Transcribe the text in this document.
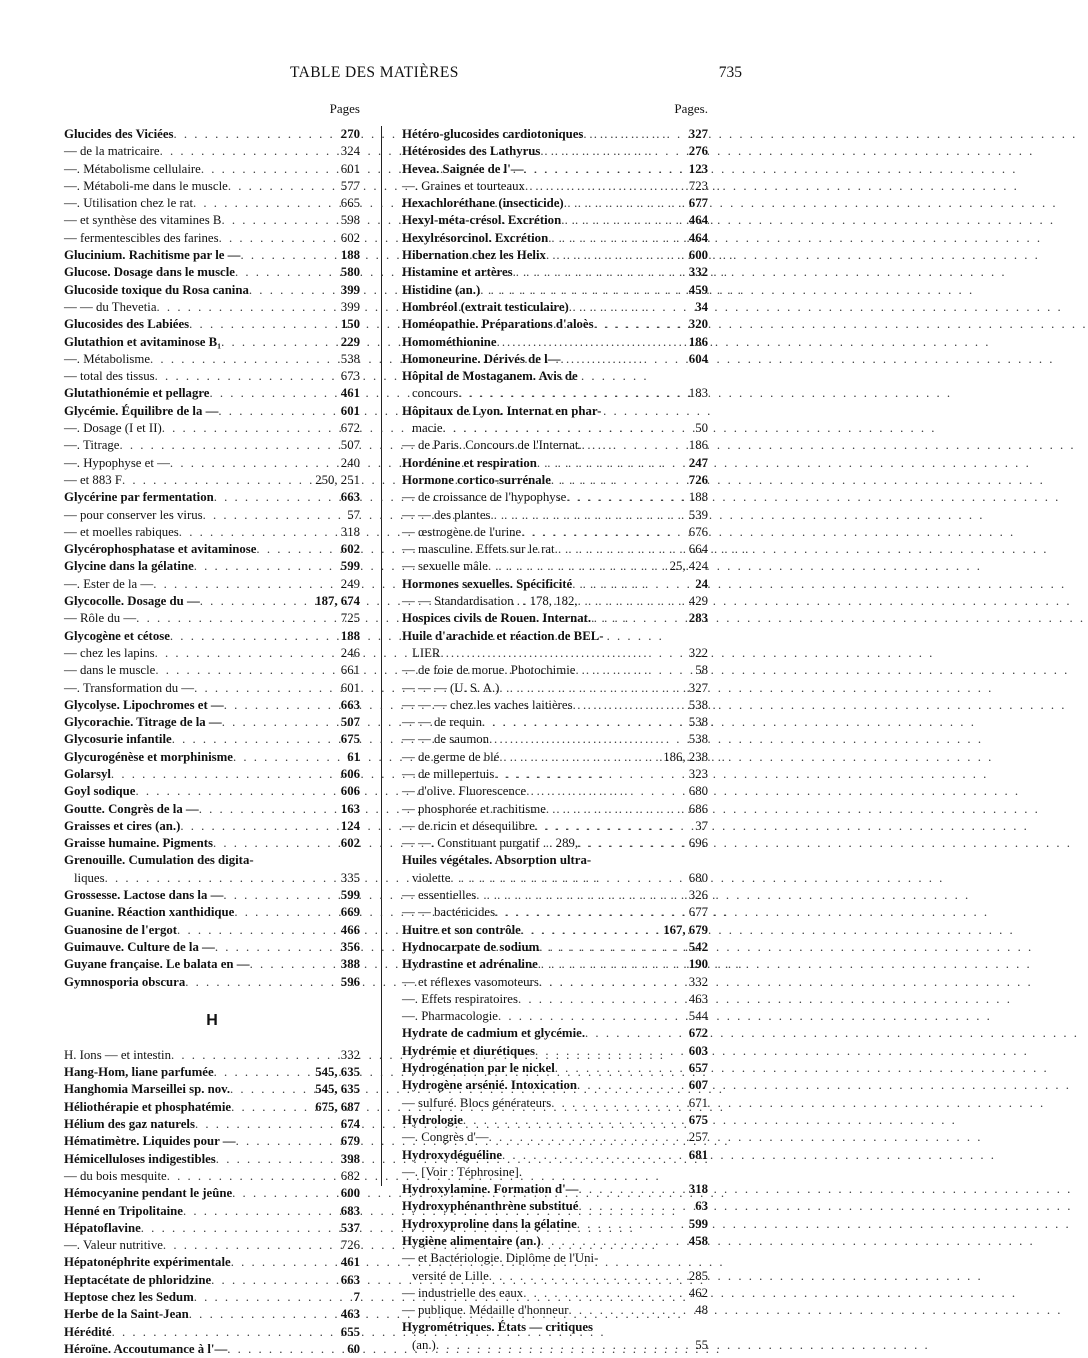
TABLE DES MATIÈRES	735
Pages
Glucides des Viciées . . .	270
— de la matricaire . . .	324
—. Métabolisme cellulaire . . .	601
—. Métaboli-me dans le muscle . . .	577
—. Utilisation chez le rat . . .	665
— et synthèse des vitamines B . . .	598
— fermentescibles des farines . . .	602
Glucinium. Rachitisme par le — . . .	188
Glucose. Dosage dans le muscle . . .	580
Glucoside toxique du Rosa canina . . .	399
— — du Thevetia . . .	399
Glucosides des Labiées . . .	150
Glutathion et avitaminose B₁ . . .	229
—. Métabolisme . . .	538
— total des tissus . . .	673
Glutathionémie et pellagre . . .	461
Glycémie. Équilibre de la — . . .	601
—. Dosage (I et II) . . .	672
—. Titrage . . .	507
—. Hypophyse et — . . .	240
— et 883 F . . .	250, 251
Glycérine par fermentation . . .	663
— pour conserver les virus . . .	57
— et moelles rabiques . . .	318
Glycérophosphatase et avitaminose . . .	602
Glycine dans la gélatine . . .	599
—. Ester de la — . . .	249
Glycocolle. Dosage du — . . .	187, 674
— Rôle du — . . .	725
Glycogène et cétose . . .	188
— chez les lapins . . .	246
— dans le muscle . . .	661
—. Transformation du — . . .	601
Glycolyse. Lipochromes et — . . .	663
Glycorachie. Titrage de la — . . .	507
Glycosurie infantile . . .	675
Glycurogénèse et morphinisme . . .	61
Golarsyl . . .	606
Goyl sodique . . .	606
Goutte. Congrès de la — . . .	163
Graisses et cires (an.) . . .	124
Graisse humaine. Pigments . . .	602
Grenouille. Cumulation des digita-
liques . . .	335
Grossesse. Lactose dans la — . . .	599
Guanine. Réaction xanthidique . . .	669
Guanosine de l'ergot . . .	466
Guimauve. Culture de la — . . .	356
Guyane française. Le balata en — . . .	388
Gymnosporia obscura . . .	596
H
H. Ions — et intestin . . .	332
Hang-Hom, liane parfumée . . .	545, 635
Hanghomia Marseillei sp. nov. . . .	545, 635
Héliothérapie et phosphatémie . . .	675, 687
Hélium des gaz naturels . . .	674
Hématimètre. Liquides pour — . . .	679
Hémicelluloses indigestibles . . .	398
— du bois mesquite . . .	682
Hémocyanine pendant le jeûne . . .	600
Henné en Tripolitaine . . .	683
Hépatoflavine . . .	537
—. Valeur nutritive . . .	726
Hépatonéphrite expérimentale . . .	461
Heptacétate de phloridzine . . .	663
Heptose chez les Sedum . . .	7
Herbe de la Saint-Jean . . .	463
Hérédité . . .	655
Héroïne. Accoutumance à l'— . . .	60
Pages.
Hétéro-glucosides cardiotoniques . . .	327
Hétérosides des Lathyrus . . .	276
Hevea. Saignée de l'— . . .	123
—. Graines et tourteaux . . .	723
Hexachloréthane (insecticide) . . .	677
Hexyl-méta-crésol. Excrétion . . .	464
Hexylrésorcinol. Excrétion . . .	464
Hibernation chez les Helix . . .	600
Histamine et artères . . .	332
Histidine (an.) . . .	459
Hombréol (extrait testiculaire) . . .	34
Homéopathie. Préparations d'aloès . . .	320
Homométhionine . . .	186
Homoneurine. Dérivés de l— . . .	604
Hôpital de Mostaganem. Avis de
concours . . .	183
Hôpitaux de Lyon. Internat en phar-
macie . . .	50
— de Paris. Concours de l'Internat. . . .	186
Hordénine et respiration . . .	247
Hormone cortico-surrénale . . .	726
— de croissance de l'hypophyse . . .	188
— — des plantes . . .	539
— œstrogène de l'urine . . .	676
— masculine. Effets sur le rat . . .	664
— sexuelle mâle . . .	25, 424
Hormones sexuelles. Spécificité . . .	24
— — Standardisation . . 178, 182, . . .	429
Hospices civils de Rouen. Internat. . . .	283
Huile d'arachide et réaction de BEL-
LIER . . .	322
— de foie de morue. Photochimie . . .	58
— — — (U. S. A.) . . .	327
— — — chez les vaches laitières . . .	538
— — de requin . . .	538
— — de saumon . . .	538
— de germe de blé . . .	186, 238
— de millepertuis . . .	323
— d'olive. Fluorescence . . .	680
— phosphorée et rachitisme . . .	686
— de ricin et désequilibre . . .	37
— —. Constituant purgatif . . 289, . . .	696
Huiles végétales. Absorption ultra-
violette . . .	680
— essentielles . . .	326
— — bactéricides . . .	677
Huitre et son contrôle . . .	167, 679
Hydnocarpate de sodium . . .	542
Hydrastine et adrénaline . . .	190
— et réflexes vasomoteurs . . .	332
—. Effets respiratoires . . .	463
—. Pharmacologie . . .	544
Hydrate de cadmium et glycémie. . . .	672
Hydrémie et diurétiques . . .	603
Hydrogénation par le nickel . . .	657
Hydrogène arsénié. Intoxication . . .	607
— sulfuré. Blocs générateurs . . .	671
Hydrologie . . .	675
—. Congrès d'— . . .	257
Hydroxydéguéline . . .	681
—. [Voir : Téphrosine].
Hydroxylamine. Formation d'— . . .	318
Hydroxyphénanthrène substitué . . .	63
Hydroxyproline dans la gélatine . . .	599
Hygiène alimentaire (an.) . . .	458
— et Bactériologie. Diplôme de l'Uni-
versité de Lille . . .	285
— industrielle des eaux . . .	462
— publique. Médaille d'honneur . . .	48
Hygrométriques. États — critiques
(an.) . . .	55
